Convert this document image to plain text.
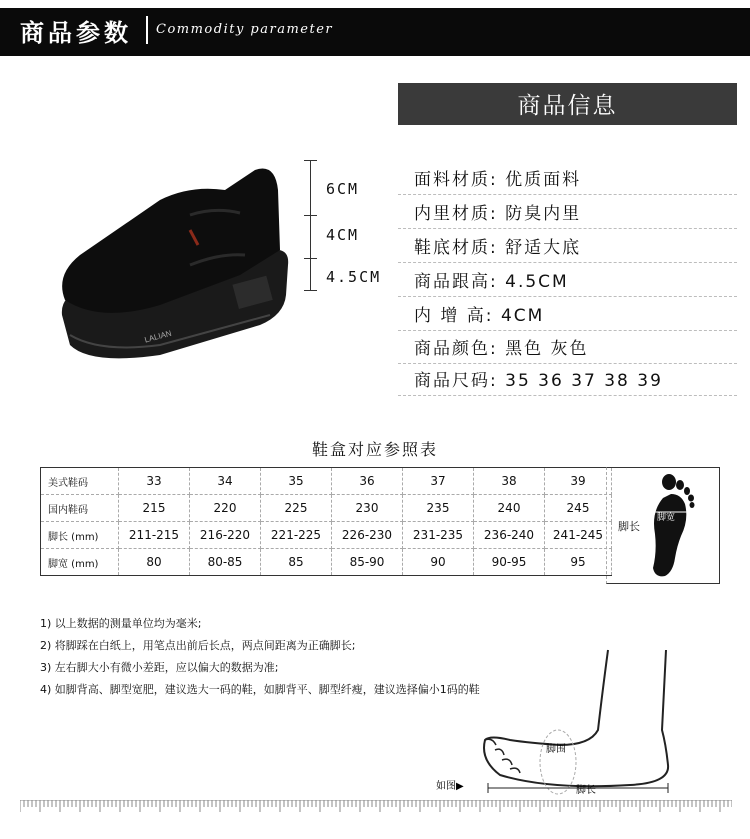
商品参数 Commodity parameter
LALIAN
6CM
4CM
4.5CM
商品信息
面料材质: 优质面料
内里材质: 防臭内里
鞋底材质: 舒适大底
商品跟高: 4.5CM
内 增 高: 4CM
商品颜色: 黑色 灰色
商品尺码: 35 36 37 38 39
鞋盒对应参照表
美式鞋码	33	34	35	36	37	38	39
国内鞋码	215	220	225	230	235	240	245
脚长 (mm)	211-215	216-220	221-225	226-230	231-235	236-240	241-245
脚宽 (mm)	80	80-85	85	85-90	90	90-95	95
脚长
脚宽
1) 以上数据的测量单位均为毫米;
2) 将脚踩在白纸上，用笔点出前后长点，两点间距离为正确脚长;
3) 左右脚大小有微小差距，应以偏大的数据为准;
4) 如脚背高、脚型宽肥，建议选大一码的鞋，如脚背平、脚型纤瘦，建议选择偏小1码的鞋
脚围
脚长
如图▶
